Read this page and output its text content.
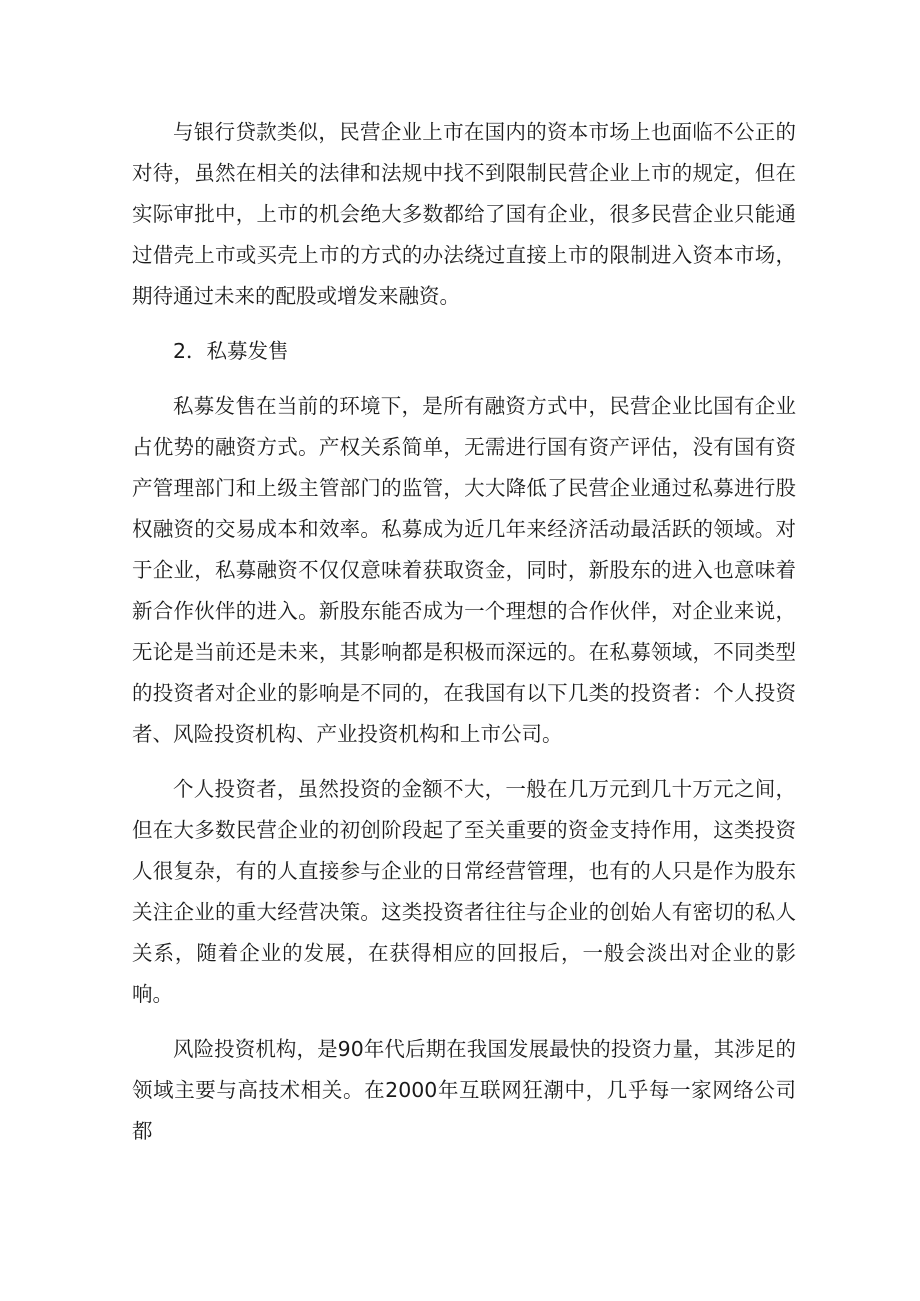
与银行贷款类似，民营企业上市在国内的资本市场上也面临不公正的对待，虽然在相关的法律和法规中找不到限制民营企业上市的规定，但在实际审批中，上市的机会绝大多数都给了国有企业，很多民营企业只能通过借壳上市或买壳上市的方式的办法绕过直接上市的限制进入资本市场，期待通过未来的配股或增发来融资。

2．私募发售

私募发售在当前的环境下，是所有融资方式中，民营企业比国有企业占优势的融资方式。产权关系简单，无需进行国有资产评估，没有国有资产管理部门和上级主管部门的监管，大大降低了民营企业通过私募进行股权融资的交易成本和效率。私募成为近几年来经济活动最活跃的领域。对于企业，私募融资不仅仅意味着获取资金，同时，新股东的进入也意味着新合作伙伴的进入。新股东能否成为一个理想的合作伙伴，对企业来说，无论是当前还是未来，其影响都是积极而深远的。在私募领域，不同类型的投资者对企业的影响是不同的，在我国有以下几类的投资者：个人投资者、风险投资机构、产业投资机构和上市公司。

个人投资者，虽然投资的金额不大，一般在几万元到几十万元之间，但在大多数民营企业的初创阶段起了至关重要的资金支持作用，这类投资人很复杂，有的人直接参与企业的日常经营管理，也有的人只是作为股东关注企业的重大经营决策。这类投资者往往与企业的创始人有密切的私人关系，随着企业的发展，在获得相应的回报后，一般会淡出对企业的影响。

风险投资机构，是90年代后期在我国发展最快的投资力量，其涉足的领域主要与高技术相关。在2000年互联网狂潮中，几乎每一家网络公司都
